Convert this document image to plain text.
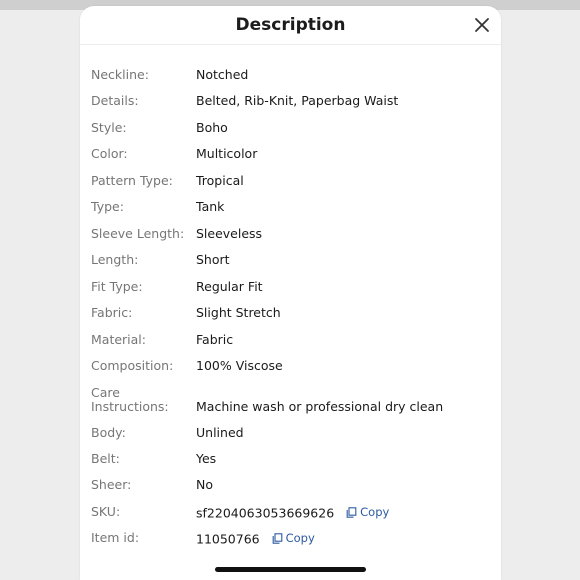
Description
Neckline:	Notched
Details:	Belted, Rib-Knit, Paperbag Waist
Style:	Boho
Color:	Multicolor
Pattern Type:	Tropical
Type:	Tank
Sleeve Length: Sleeveless
Length:	Short
Fit Type:	Regular Fit
Fabric:	Slight Stretch
Material:	Fabric
Composition:	100% Viscose
Care Instructions:	Machine wash or professional dry clean
Body:	Unlined
Belt:	Yes
Sheer:	No
SKU:	sf2204063053669626 Copy
Item id:	11050766 Copy
